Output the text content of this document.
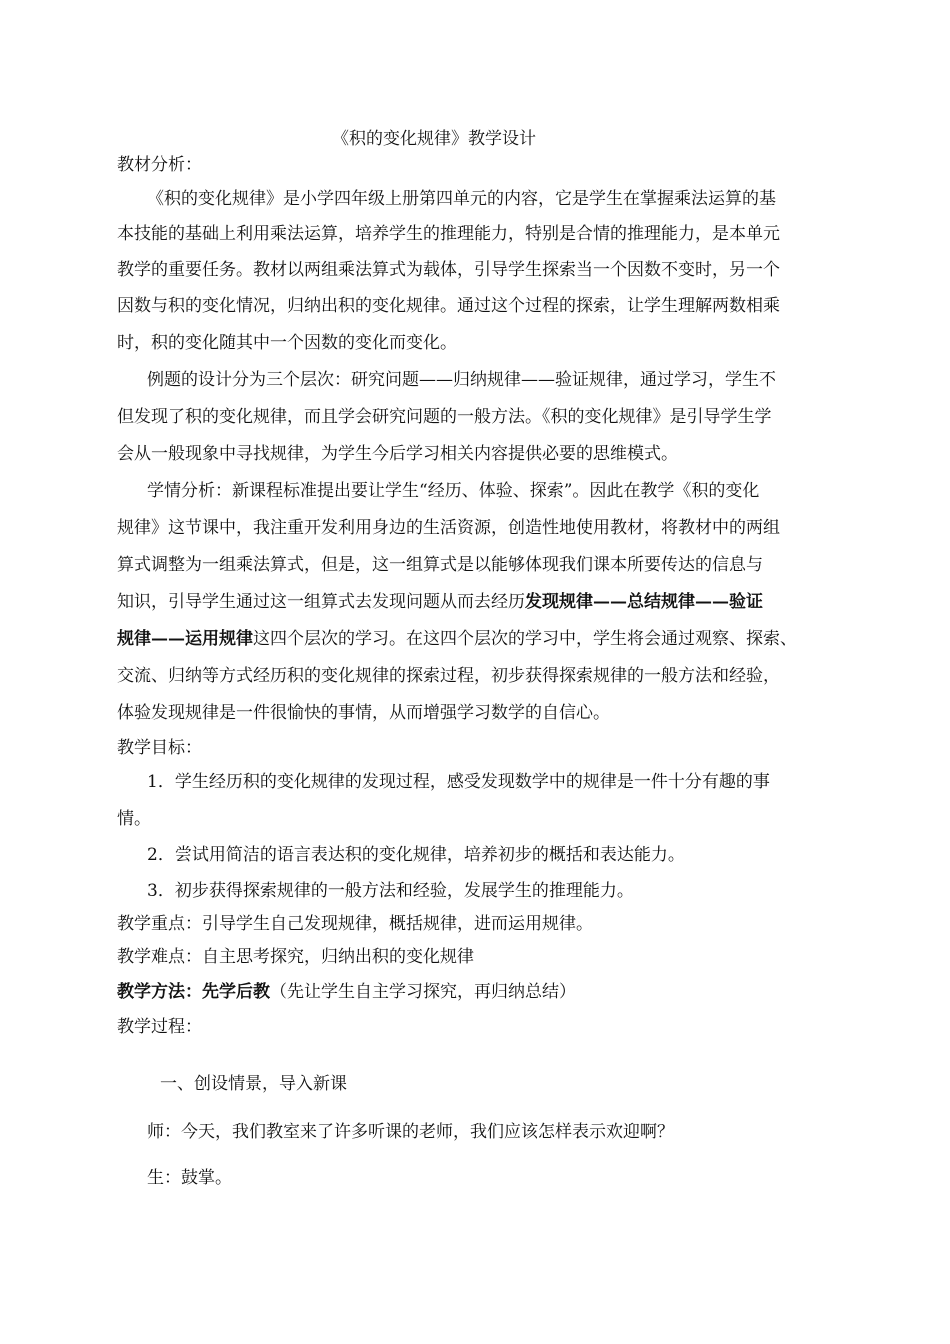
《积的变化规律》教学设计
教材分析：
《积的变化规律》是小学四年级上册第四单元的内容，它是学生在掌握乘法运算的基
本技能的基础上利用乘法运算，培养学生的推理能力，特别是合情的推理能力，是本单元
教学的重要任务。教材以两组乘法算式为载体，引导学生探索当一个因数不变时，另一个
因数与积的变化情况，归纳出积的变化规律。通过这个过程的探索，让学生理解两数相乘
时，积的变化随其中一个因数的变化而变化。
例题的设计分为三个层次：研究问题——归纳规律——验证规律，通过学习，学生不
但发现了积的变化规律，而且学会研究问题的一般方法。《积的变化规律》是引导学生学
会从一般现象中寻找规律，为学生今后学习相关内容提供必要的思维模式。
学情分析：新课程标准提出要让学生“经历、体验、探索”。因此在教学《积的变化
规律》这节课中，我注重开发利用身边的生活资源，创造性地使用教材，将教材中的两组
算式调整为一组乘法算式，但是，这一组算式是以能够体现我们课本所要传达的信息与
知识，引导学生通过这一组算式去发现问题从而去经历发现规律——总结规律——验证
规律——运用规律这四个层次的学习。在这四个层次的学习中，学生将会通过观察、探索、
交流、归纳等方式经历积的变化规律的探索过程，初步获得探索规律的一般方法和经验，
体验发现规律是一件很愉快的事情，从而增强学习数学的自信心。
教学目标：
1．学生经历积的变化规律的发现过程，感受发现数学中的规律是一件十分有趣的事
情。
2．尝试用简洁的语言表达积的变化规律，培养初步的概括和表达能力。
3．初步获得探索规律的一般方法和经验，发展学生的推理能力。
教学重点：引导学生自己发现规律，概括规律，进而运用规律。
教学难点：自主思考探究，归纳出积的变化规律
教学方法：先学后教（先让学生自主学习探究，再归纳总结）
教学过程：
一、创设情景，导入新课
师：今天，我们教室来了许多听课的老师，我们应该怎样表示欢迎啊？
生：鼓掌。
